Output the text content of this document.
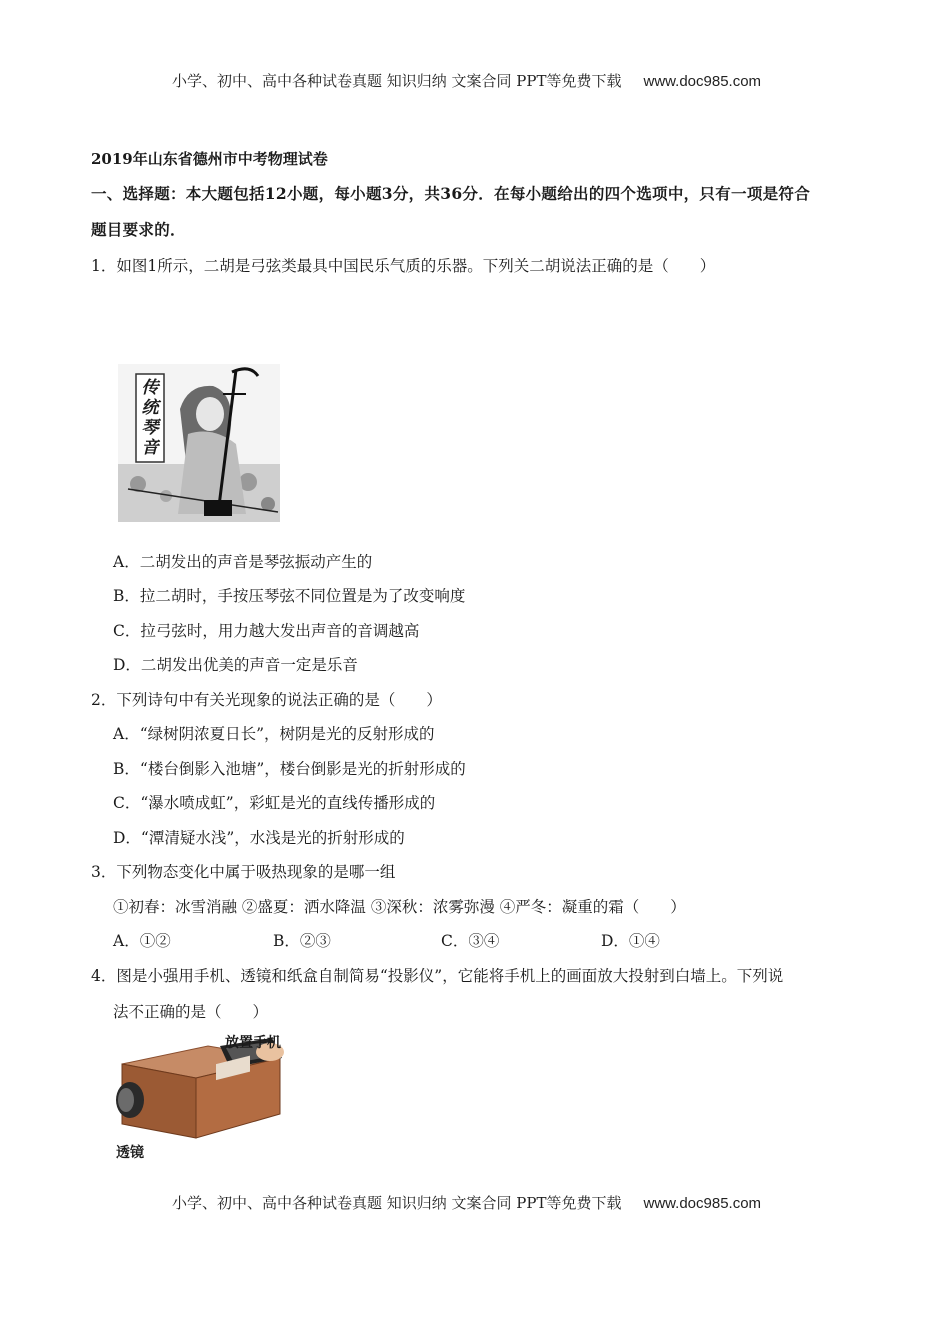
小学、初中、高中各种试卷真题 知识归纳 文案合同 PPT等免费下载 www.doc985.com
2019年山东省德州市中考物理试卷
一、选择题：本大题包括12小题，每小题3分，共36分．在每小题给出的四个选项中，只有一项是符合
题目要求的．
1．如图1所示，二胡是弓弦类最具中国民乐气质的乐器。下列关二胡说法正确的是（　　）
传统琴音
A．二胡发出的声音是琴弦振动产生的
B．拉二胡时，手按压琴弦不同位置是为了改变响度
C．拉弓弦时，用力越大发出声音的音调越高
D．二胡发出优美的声音一定是乐音
2．下列诗句中有关光现象的说法正确的是（　　）
A．“绿树阴浓夏日长”，树阴是光的反射形成的
B．“楼台倒影入池塘”，楼台倒影是光的折射形成的
C．“瀑水喷成虹”，彩虹是光的直线传播形成的
D．“潭清疑水浅”，水浅是光的折射形成的
3．下列物态变化中属于吸热现象的是哪一组
①初春：冰雪消融 ②盛夏：洒水降温 ③深秋：浓雾弥漫 ④严冬：凝重的霜（　　）
A．①②	B．②③	C．③④	D．①④
4．图是小强用手机、透镜和纸盒自制简易“投影仪”，它能将手机上的画面放大投射到白墙上。下列说
法不正确的是（　　）
放置手机
透镜
小学、初中、高中各种试卷真题 知识归纳 文案合同 PPT等免费下载 www.doc985.com
